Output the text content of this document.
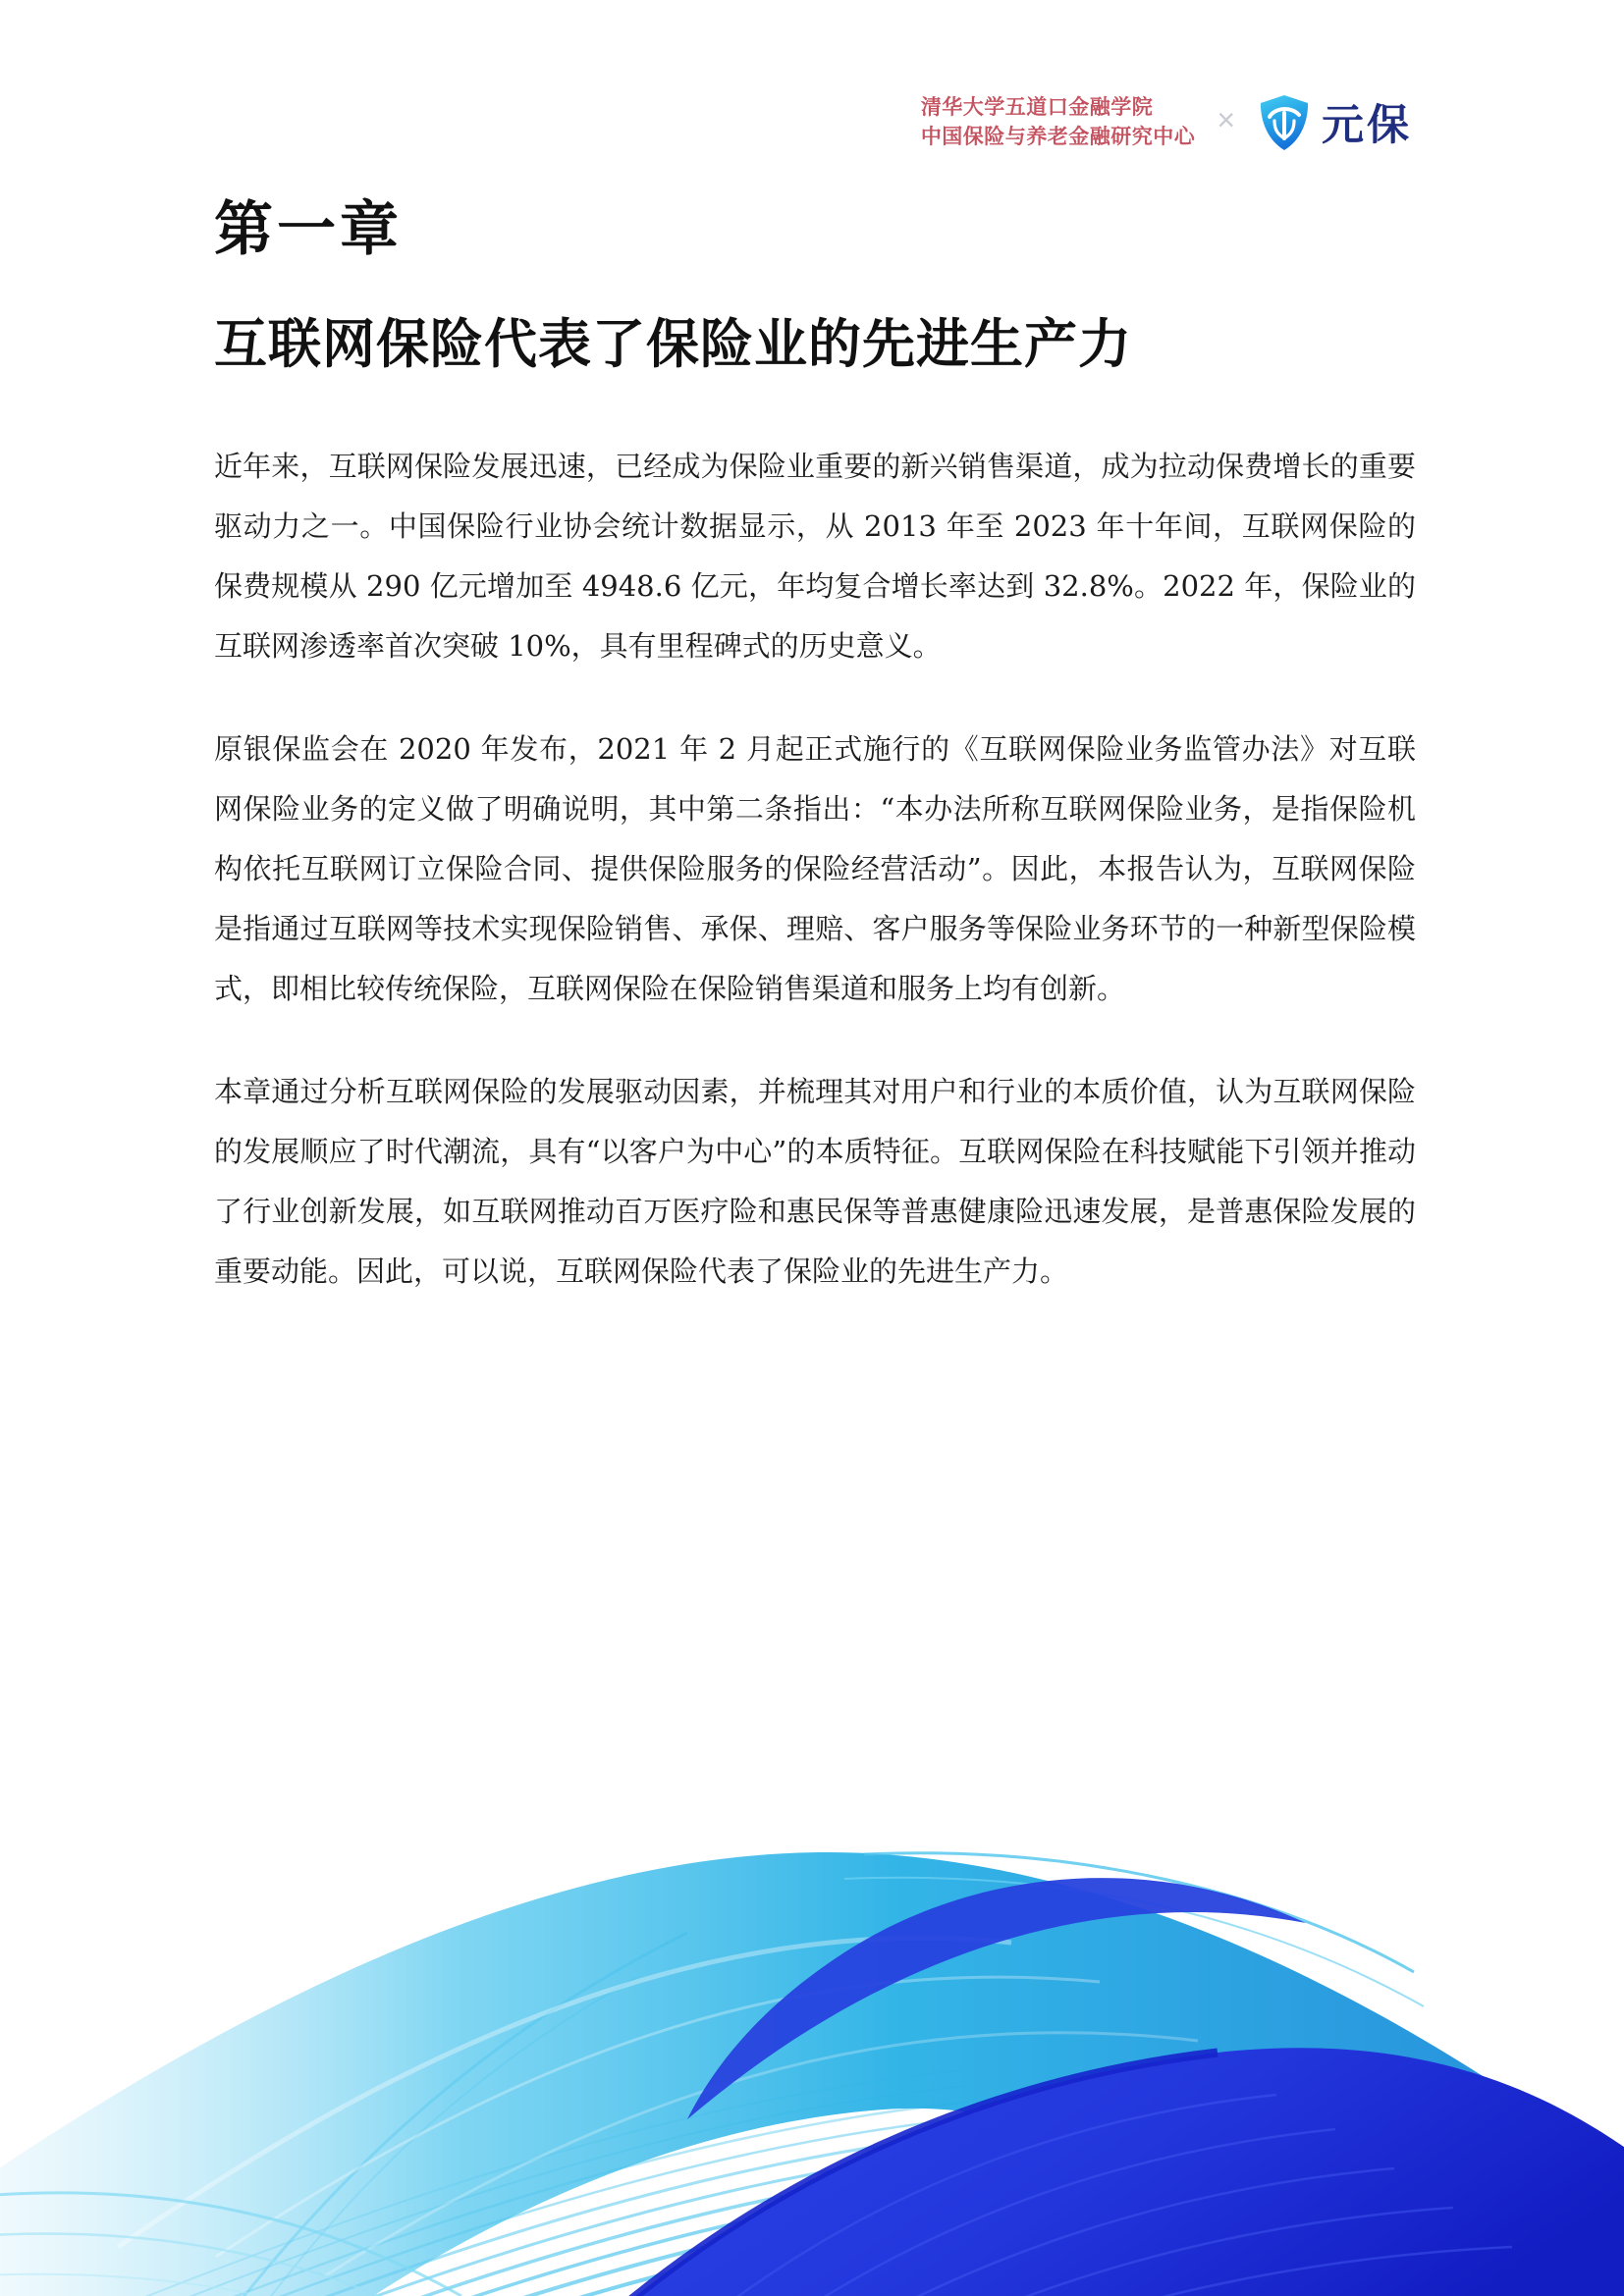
清华大学五道口金融学院
中国保险与养老金融研究中心 × 元保
第一章
互联网保险代表了保险业的先进生产力

近年来，互联网保险发展迅速，已经成为保险业重要的新兴销售渠道，成为拉动保费增长的重要驱动力之一。中国保险行业协会统计数据显示，从 2013 年至 2023 年十年间，互联网保险的保费规模从 290 亿元增加至 4948.6 亿元，年均复合增长率达到 32.8%。2022 年，保险业的互联网渗透率首次突破 10%，具有里程碑式的历史意义。

原银保监会在 2020 年发布，2021 年 2 月起正式施行的《互联网保险业务监管办法》对互联网保险业务的定义做了明确说明，其中第二条指出：“本办法所称互联网保险业务，是指保险机构依托互联网订立保险合同、提供保险服务的保险经营活动”。因此，本报告认为，互联网保险是指通过互联网等技术实现保险销售、承保、理赔、客户服务等保险业务环节的一种新型保险模式，即相比较传统保险，互联网保险在保险销售渠道和服务上均有创新。

本章通过分析互联网保险的发展驱动因素，并梳理其对用户和行业的本质价值，认为互联网保险的发展顺应了时代潮流，具有“以客户为中心”的本质特征。互联网保险在科技赋能下引领并推动了行业创新发展，如互联网推动百万医疗险和惠民保等普惠健康险迅速发展，是普惠保险发展的重要动能。因此，可以说，互联网保险代表了保险业的先进生产力。
